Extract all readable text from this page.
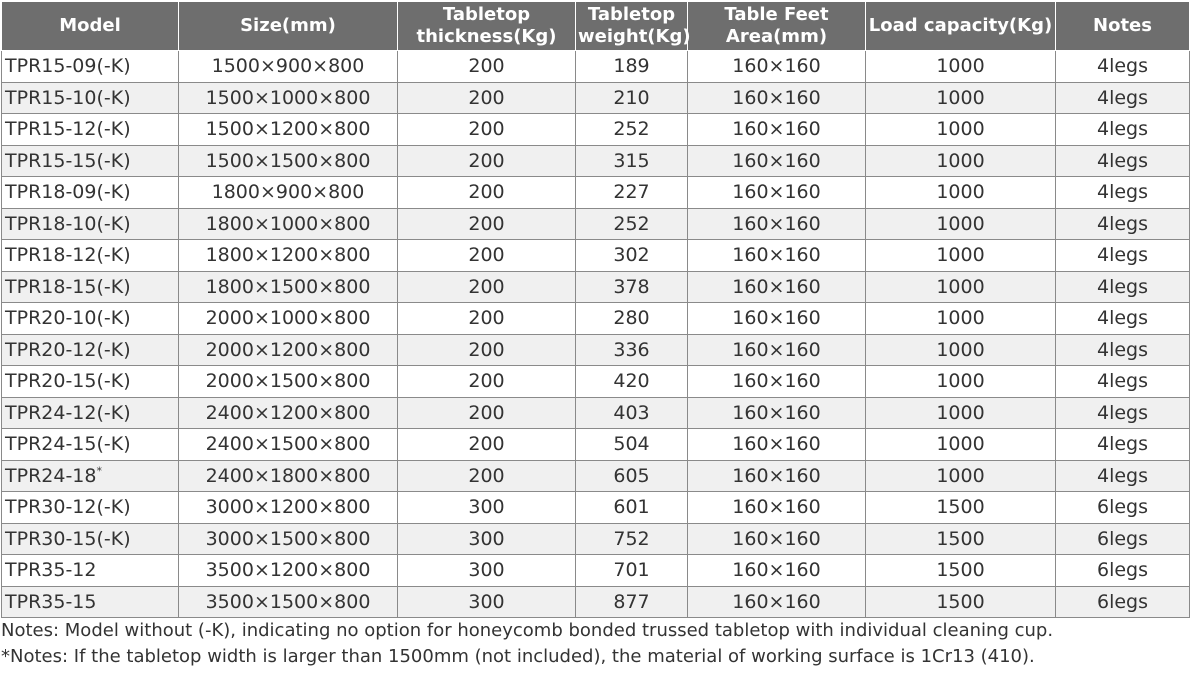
Model	Size(mm)	Tabletop thickness(Kg)	Tabletop weight(Kg)	Table Feet Area(mm)	Load capacity(Kg)	Notes
TPR15-09(-K)	1500×900×800	200	189	160×160	1000	4legs
TPR15-10(-K)	1500×1000×800	200	210	160×160	1000	4legs
TPR15-12(-K)	1500×1200×800	200	252	160×160	1000	4legs
TPR15-15(-K)	1500×1500×800	200	315	160×160	1000	4legs
TPR18-09(-K)	1800×900×800	200	227	160×160	1000	4legs
TPR18-10(-K)	1800×1000×800	200	252	160×160	1000	4legs
TPR18-12(-K)	1800×1200×800	200	302	160×160	1000	4legs
TPR18-15(-K)	1800×1500×800	200	378	160×160	1000	4legs
TPR20-10(-K)	2000×1000×800	200	280	160×160	1000	4legs
TPR20-12(-K)	2000×1200×800	200	336	160×160	1000	4legs
TPR20-15(-K)	2000×1500×800	200	420	160×160	1000	4legs
TPR24-12(-K)	2400×1200×800	200	403	160×160	1000	4legs
TPR24-15(-K)	2400×1500×800	200	504	160×160	1000	4legs
TPR24-18*	2400×1800×800	200	605	160×160	1000	4legs
TPR30-12(-K)	3000×1200×800	300	601	160×160	1500	6legs
TPR30-15(-K)	3000×1500×800	300	752	160×160	1500	6legs
TPR35-12	3500×1200×800	300	701	160×160	1500	6legs
TPR35-15	3500×1500×800	300	877	160×160	1500	6legs
Notes: Model without (-K), indicating no option for honeycomb bonded trussed tabletop with individual cleaning cup.
*Notes: If the tabletop width is larger than 1500mm (not included), the material of working surface is 1Cr13 (410).
